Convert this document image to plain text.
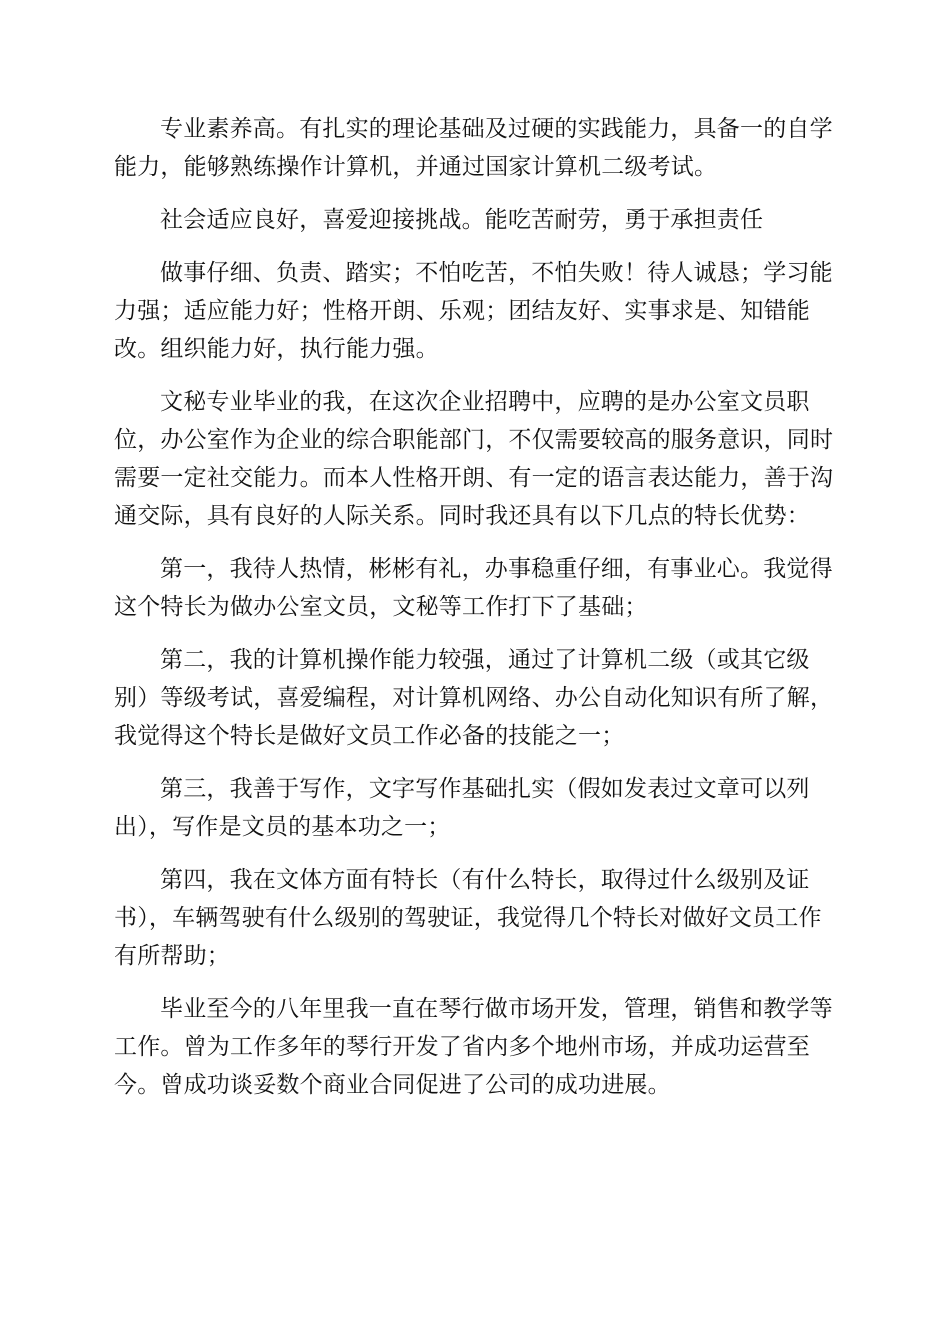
专业素养高。有扎实的理论基础及过硬的实践能力，具备一的自学能力，能够熟练操作计算机，并通过国家计算机二级考试。

社会适应良好，喜爱迎接挑战。能吃苦耐劳，勇于承担责任

做事仔细、负责、踏实；不怕吃苦，不怕失败！待人诚恳；学习能力强；适应能力好；性格开朗、乐观；团结友好、实事求是、知错能改。组织能力好，执行能力强。

文秘专业毕业的我，在这次企业招聘中，应聘的是办公室文员职位，办公室作为企业的综合职能部门，不仅需要较高的服务意识，同时需要一定社交能力。而本人性格开朗、有一定的语言表达能力，善于沟通交际，具有良好的人际关系。同时我还具有以下几点的特长优势：

第一，我待人热情，彬彬有礼，办事稳重仔细，有事业心。我觉得这个特长为做办公室文员，文秘等工作打下了基础；

第二，我的计算机操作能力较强，通过了计算机二级（或其它级别）等级考试，喜爱编程，对计算机网络、办公自动化知识有所了解，我觉得这个特长是做好文员工作必备的技能之一；

第三，我善于写作，文字写作基础扎实（假如发表过文章可以列出），写作是文员的基本功之一；

第四，我在文体方面有特长（有什么特长，取得过什么级别及证书），车辆驾驶有什么级别的驾驶证，我觉得几个特长对做好文员工作有所帮助；

毕业至今的八年里我一直在琴行做市场开发，管理，销售和教学等工作。曾为工作多年的琴行开发了省内多个地州市场，并成功运营至今。曾成功谈妥数个商业合同促进了公司的成功进展。
